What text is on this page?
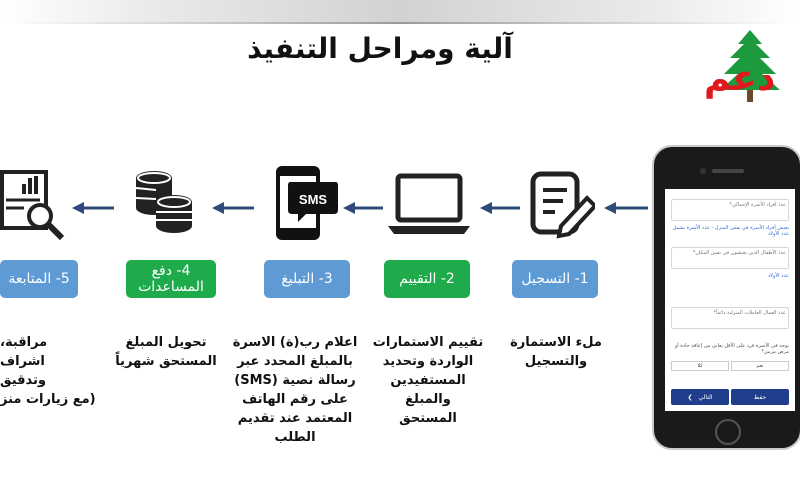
آلية ومراحل التنفيذ
دعم
SMS
1- التسجيل
2- التقييم
3- التبليغ
4- دفع
المساعدات
5- المتابعة
ملء الاستمارة
والتسجيل
تقييم الاستمارات
الواردة وتحديد
المستفيدين والمبلغ
المستحق
اعلام رب(ة) الاسرة
بالمبلغ المحدد عبر
رسالة نصية (SMS)
على رقم الهاتف
المعتمد عند تقديم
الطلب
تحويل المبلغ
المستحق شهرياً
مراقبة، اشراف
وتدقيق
(مع زيارات منز
عدد أفراد الأسرة الإجمالي*
يعيش أفراد الأسرة في نفس المنزل - عدد الأسرة يشمل عدد الأولاد
عدد الأطفال الذين يعيشون في نفس المكان*
عدد الأولاد
عدد العمال العاملات المنزلية دائماً*
يوجد في الأسرة فرد على الأقل يعاني من إعاقة حادة أو مرض مزمن*
نعم
كلا
حفظ
❮ التالي
